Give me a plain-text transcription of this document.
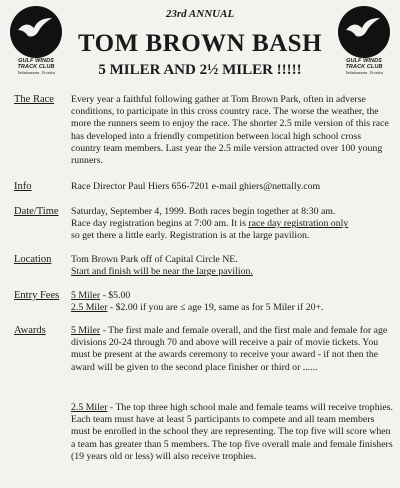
GULF WINDS
TRACK CLUB
Tallahassee, Florida
GULF WINDS
TRACK CLUB
Tallahassee, Florida
23rd ANNUAL
TOM BROWN BASH
5 MILER AND 2½ MILER !!!!!
The Race Every year a faithful following gather at Tom Brown Park, often in adverse conditions, to participate in this cross country race. The worse the weather, the more the runners seem to enjoy the race. The shorter 2.5 mile version of this race has developed into a friendly competition between local high school cross country team members. Last year the 2.5 mile version attracted over 100 young runners.
Info	Race Director Paul Hiers 656-7201 e-mail ghiers@nettally.com
Date/Time Saturday, September 4, 1999. Both races begin together at 8:30 am.

Race day registration begins at 7:00 am. It is race day registration only

so get there a little early. Registration is at the large pavilion.

Location Tom Brown Park off of Capital Circle NE.

Start and finish will be near the large pavilion.

Entry Fees 5 Miler - $5.00

2.5 Miler - $2.00 if you are ≤ age 19, same as for 5 Miler if 20+.

Awards	5 Miler - The first male and female overall, and the first male and female for age divisions 20-24 through 70 and above will receive a pair of movie tickets. You must be present at the awards ceremony to receive your award - if not then the award will be given to the second place finisher or third or ......

2.5 Miler - The top three high school male and female teams will receive trophies. Each team must have at least 5 participants to compete and all team members must be enrolled in the school they are representing. The top five will score when a team has greater than 5 members. The top five overall male and female finishers (19 years old or less) will also receive trophies.
